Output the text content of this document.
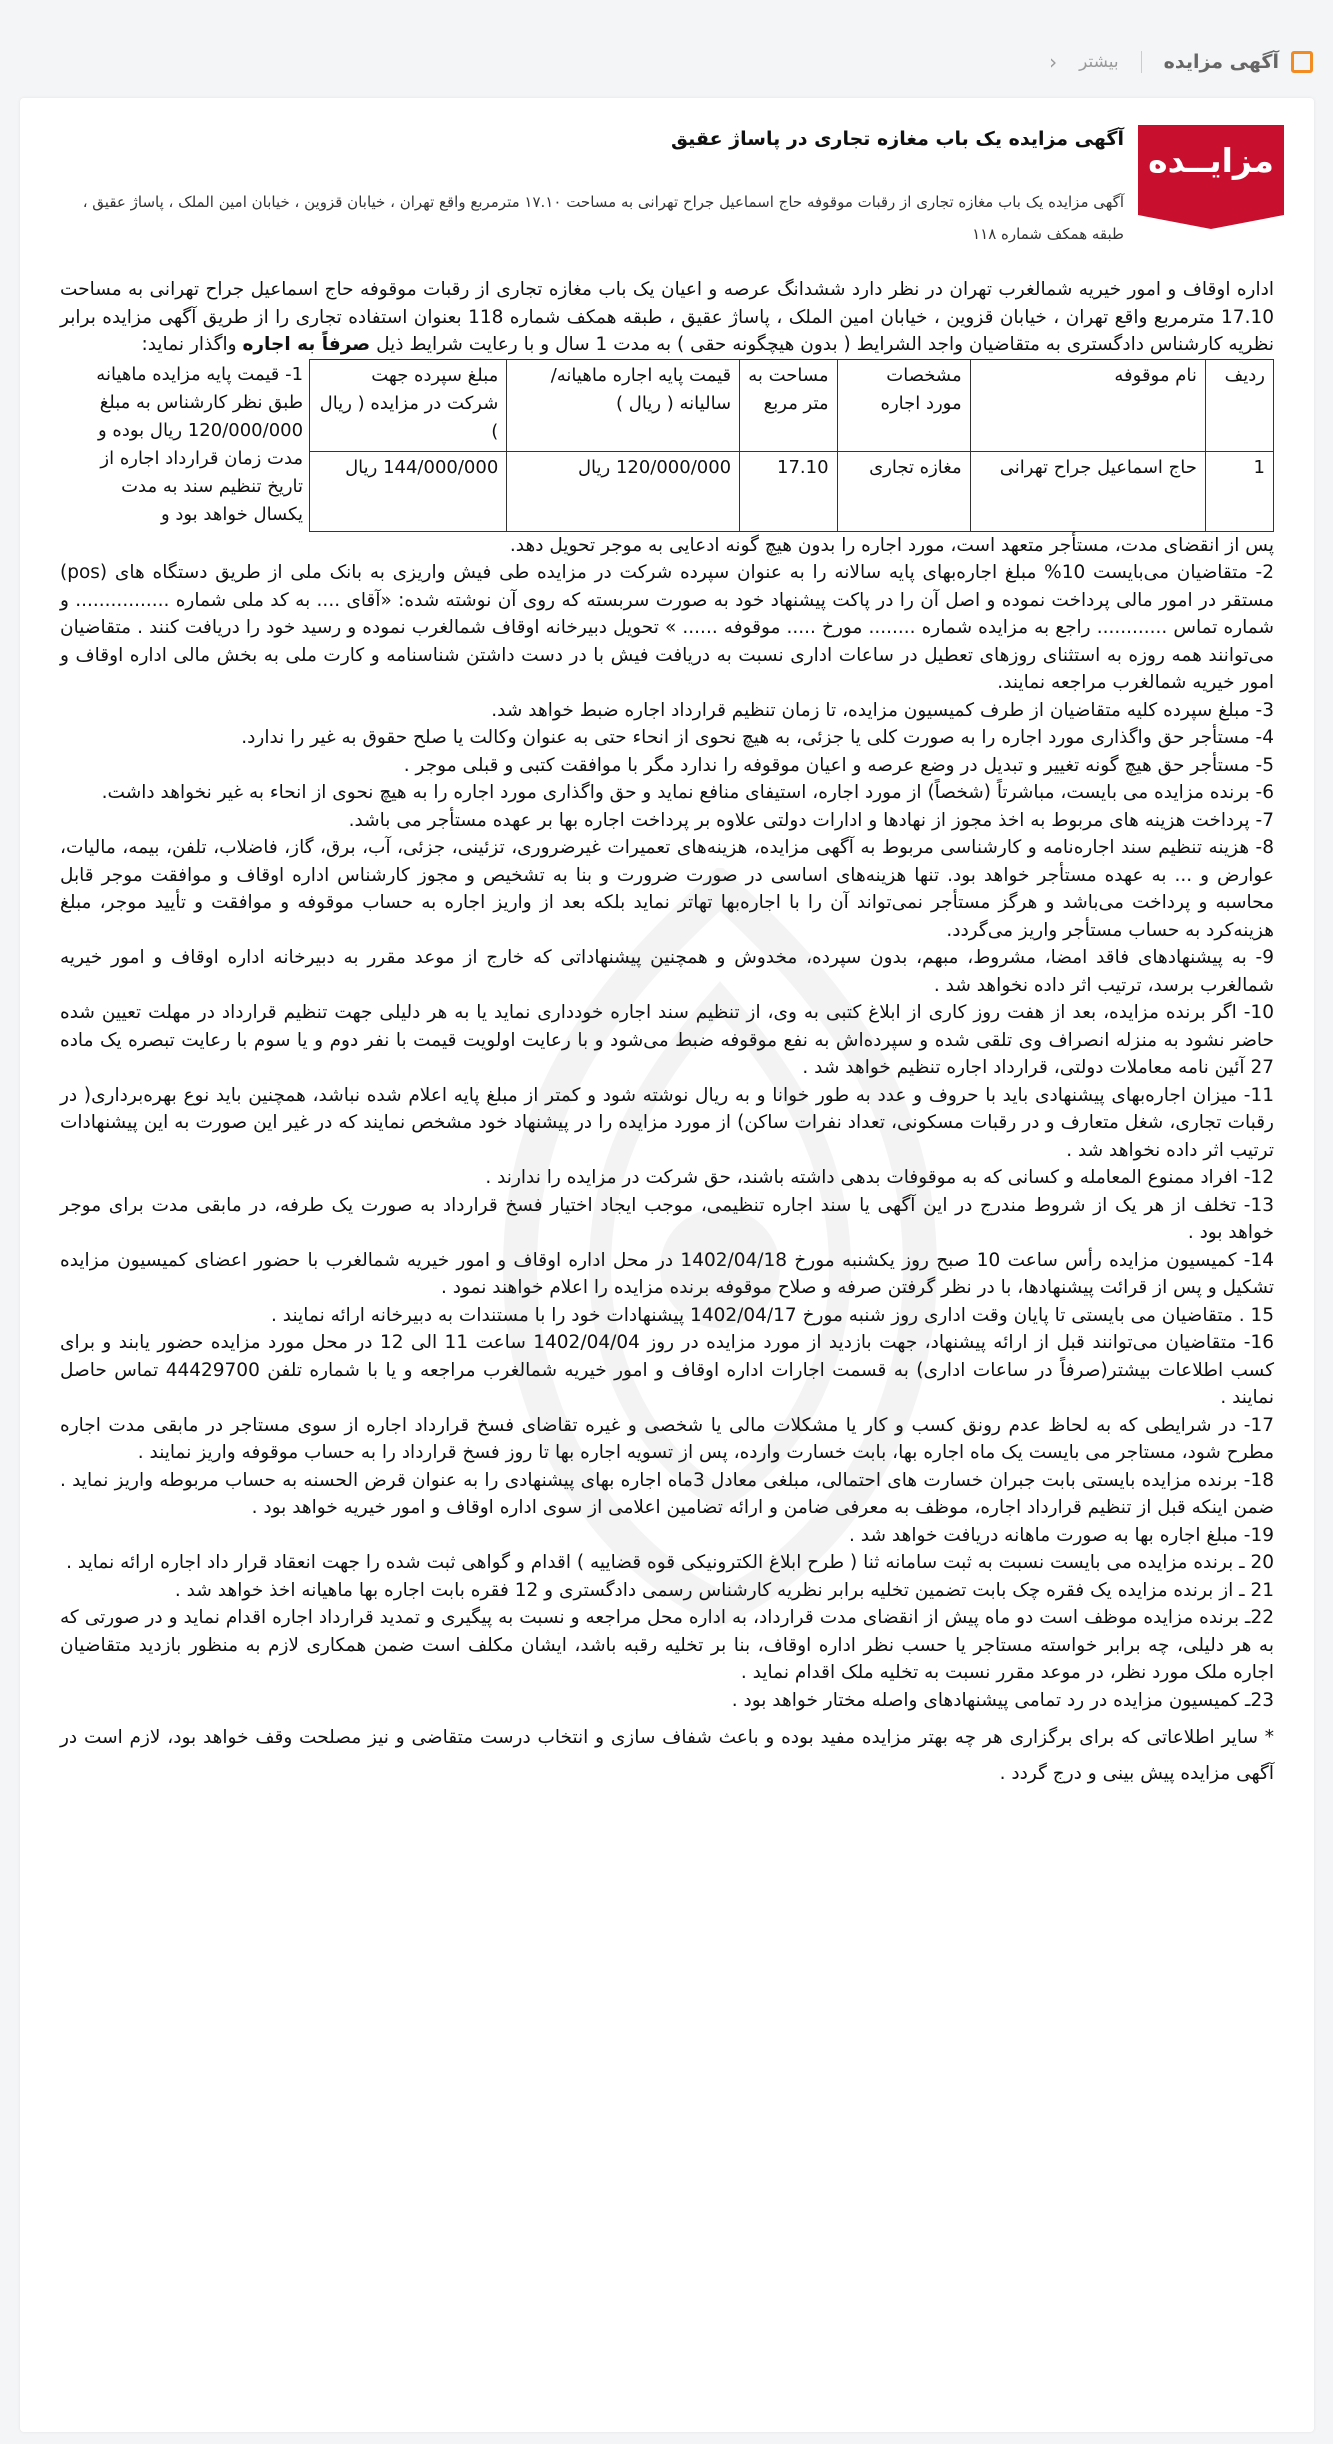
آگهی مزایده
بیشتر
‹
مزایــده
آگهی مزایده یک باب مغازه تجاری در پاساژ عقیق

آگهی مزایده یک باب مغازه تجاری از رقبات موقوفه حاج اسماعیل جراح تهرانی به مساحت ۱۷.۱۰ مترمربع واقع تهران ، خیابان قزوین ، خیابان امین الملک ، پاساژ عقیق ، طبقه همکف شماره ۱۱۸

اداره اوقاف و امور خیریه شمالغرب تهران در نظر دارد ششدانگ عرصه و اعیان یک باب مغازه تجاری از رقبات موقوفه حاج اسماعیل جراح تهرانی به مساحت 17.10 مترمربع واقع تهران ، خیابان قزوین ، خیابان امین الملک ، پاساژ عقیق ، طبقه همکف شماره 118 بعنوان استفاده تجاری را از طریق آگهی مزایده برابر نظریه کارشناس دادگستری به متقاضیان واجد الشرایط ( بدون هیچگونه حقی ) به مدت 1 سال و با رعایت شرایط ذیل صرفاً به اجاره واگذار نماید:

ردیف	نام موقوفه	مشخصات مورد اجاره	مساحت به متر مربع	قیمت پایه اجاره ماهیانه/سالیانه ( ریال )	مبلغ سپرده جهت شرکت در مزایده ( ریال )	1- قیمت پایه مزایده ماهیانه طبق نظر کارشناس به مبلغ 120/000/000 ریال بوده و مدت زمان قرارداد اجاره از تاریخ تنظیم سند به مدت یکسال خواهد بود و
1	حاج اسماعیل جراح تهرانی	مغازه تجاری	17.10	120/000/000 ریال	144/000/000 ریال	

پس از انقضای مدت، مستأجر متعهد است، مورد اجاره را بدون هیچ گونه ادعایی به موجر تحویل دهد.

2- متقاضیان می‌بایست 10% مبلغ اجاره‌بهای پایه سالانه را به عنوان سپرده شرکت در مزایده طی فیش واریزی به بانک ملی از طریق دستگاه های (pos) مستقر در امور مالی پرداخت نموده و اصل آن را در پاکت پیشنهاد خود به صورت سربسته که روی آن نوشته شده: «آقای .... به کد ملی شماره ................ و شماره تماس ............ راجع به مزایده شماره ........ مورخ ..... موقوفه ...... » تحویل دبیرخانه اوقاف شمالغرب نموده و رسید خود را دریافت کنند . متقاضیان می‌توانند همه روزه به استثنای روزهای تعطیل در ساعات اداری نسبت به دریافت فیش با در دست داشتن شناسنامه و کارت ملی به بخش مالی اداره اوقاف و امور خیریه شمالغرب مراجعه نمایند.

3- مبلغ سپرده کلیه متقاضیان از طرف کمیسیون مزایده، تا زمان تنظیم قرارداد اجاره ضبط خواهد شد.

4- مستأجر حق واگذاری مورد اجاره را به صورت کلی یا جزئی، به هیچ نحوی از انحاء حتی به عنوان وکالت یا صلح حقوق به غیر را ندارد.

5- مستأجر حق هیچ گونه تغییر و تبدیل در وضع عرصه و اعیان موقوفه را ندارد مگر با موافقت کتبی و قبلی موجر .

6- برنده مزایده می بایست، مباشرتاً (شخصاً) از مورد اجاره، استیفای منافع نماید و حق واگذاری مورد اجاره را به هیچ نحوی از انحاء به غیر نخواهد داشت.

7- پرداخت هزینه های مربوط به اخذ مجوز از نهادها و ادارات دولتی علاوه بر پرداخت اجاره بها بر عهده مستأجر می باشد.

8- هزینه تنظیم سند اجاره‌نامه و کارشناسی مربوط به آگهی مزایده، هزینه‌های تعمیرات غیرضروری، تزئینی، جزئی، آب، برق، گاز، فاضلاب، تلفن، بیمه، مالیات، عوارض و ... به عهده مستأجر خواهد بود. تنها هزینه‌های اساسی در صورت ضرورت و بنا به تشخیص و مجوز کارشناس اداره اوقاف و موافقت موجر قابل محاسبه و پرداخت می‌باشد و هرگز مستأجر نمی‌تواند آن را با اجاره‌بها تهاتر نماید بلکه بعد از واریز اجاره به حساب موقوفه و موافقت و تأیید موجر، مبلغ هزینه‌کرد به حساب مستأجر واریز می‌گردد.

9- به پیشنهادهای فاقد امضا، مشروط، مبهم، بدون سپرده، مخدوش و همچنین پیشنهاداتی که خارج از موعد مقرر به دبیرخانه اداره اوقاف و امور خیریه شمالغرب برسد، ترتیب اثر داده نخواهد شد .

10- اگر برنده مزایده، بعد از هفت روز کاری از ابلاغ کتبی به وی، از تنظیم سند اجاره خودداری نماید یا به هر دلیلی جهت تنظیم قرارداد در مهلت تعیین شده حاضر نشود به منزله انصراف وی تلقی شده و سپرده‌اش به نفع موقوفه ضبط می‌شود و با رعایت اولویت قیمت با نفر دوم و یا سوم با رعایت تبصره یک ماده 27 آئین نامه معاملات دولتی، قرارداد اجاره تنظیم خواهد شد .

11- میزان اجاره‌بهای پیشنهادی باید با حروف و عدد به طور خوانا و به ریال نوشته شود و کمتر از مبلغ پایه اعلام شده نباشد، همچنین باید نوع بهره‌برداری( در رقبات تجاری، شغل متعارف و در رقبات مسکونی، تعداد نفرات ساکن) از مورد مزایده را در پیشنهاد خود مشخص نمایند که در غیر این صورت به این پیشنهادات ترتیب اثر داده نخواهد شد .

12- افراد ممنوع المعامله و کسانی که به موقوفات بدهی داشته باشند، حق شرکت در مزایده را ندارند .

13- تخلف از هر یک از شروط مندرج در این آگهی یا سند اجاره تنظیمی، موجب ایجاد اختیار فسخ قرارداد به صورت یک طرفه، در مابقی مدت برای موجر خواهد بود .

14- کمیسیون مزایده رأس ساعت 10 صبح روز یکشنبه مورخ 1402/04/18 در محل اداره اوقاف و امور خیریه شمالغرب با حضور اعضای کمیسیون مزایده تشکیل و پس از قرائت پیشنهادها، با در نظر گرفتن صرفه و صلاح موقوفه برنده مزایده را اعلام خواهند نمود .

15 . متقاضیان می بایستی تا پایان وقت اداری روز شنبه مورخ 1402/04/17 پیشنهادات خود را با مستندات به دبیرخانه ارائه نمایند .

16- متقاضیان می‌توانند قبل از ارائه پیشنهاد، جهت بازدید از مورد مزایده در روز 1402/04/04 ساعت 11 الی 12 در محل مورد مزایده حضور یابند و برای کسب اطلاعات بیشتر(صرفاً در ساعات اداری) به قسمت اجارات اداره اوقاف و امور خیریه شمالغرب مراجعه و یا با شماره تلفن 44429700 تماس حاصل نمایند .

17- در شرایطی که به لحاظ عدم رونق کسب و کار یا مشکلات مالی یا شخصی و غیره تقاضای فسخ قرارداد اجاره از سوی مستاجر در مابقی مدت اجاره مطرح شود، مستاجر می بایست یک ماه اجاره بها، بابت خسارت وارده، پس از تسویه اجاره بها تا روز فسخ قرارداد را به حساب موقوفه واریز نمایند .

18- برنده مزایده بایستی بابت جبران خسارت های احتمالی، مبلغی معادل 3ماه اجاره بهای پیشنهادی را به عنوان قرض الحسنه به حساب مربوطه واریز نماید . ضمن اینکه قبل از تنظیم قرارداد اجاره، موظف به معرفی ضامن و ارائه تضامین اعلامی از سوی اداره اوقاف و امور خیریه خواهد بود .

19- مبلغ اجاره بها به صورت ماهانه دریافت خواهد شد .

20 ـ برنده مزایده می بایست نسبت به ثبت سامانه ثنا ( طرح ابلاغ الکترونیکی قوه قضاییه ) اقدام و گواهی ثبت شده را جهت انعقاد قرار داد اجاره ارائه نماید .

21 ـ از برنده مزایده یک فقره چک بابت تضمین تخلیه برابر نظریه کارشناس رسمی دادگستری و 12 فقره بابت اجاره بها ماهیانه اخذ خواهد شد .

22ـ برنده مزایده موظف است دو ماه پیش از انقضای مدت قرارداد، به اداره محل مراجعه و نسبت به پیگیری و تمدید قرارداد اجاره اقدام نماید و در صورتی که به هر دلیلی، چه برابر خواسته مستاجر یا حسب نظر اداره اوقاف، بنا بر تخلیه رقبه باشد، ایشان مکلف است ضمن همکاری لازم به منظور بازدید متقاضیان اجاره ملک مورد نظر، در موعد مقرر نسبت به تخلیه ملک اقدام نماید .

23ـ کمیسیون مزایده در رد تمامی پیشنهادهای واصله مختار خواهد بود .

* سایر اطلاعاتی که برای برگزاری هر چه بهتر مزایده مفید بوده و باعث شفاف سازی و انتخاب درست متقاضی و نیز مصلحت وقف خواهد بود، لازم است در آگهی مزایده پیش بینی و درج گردد .
